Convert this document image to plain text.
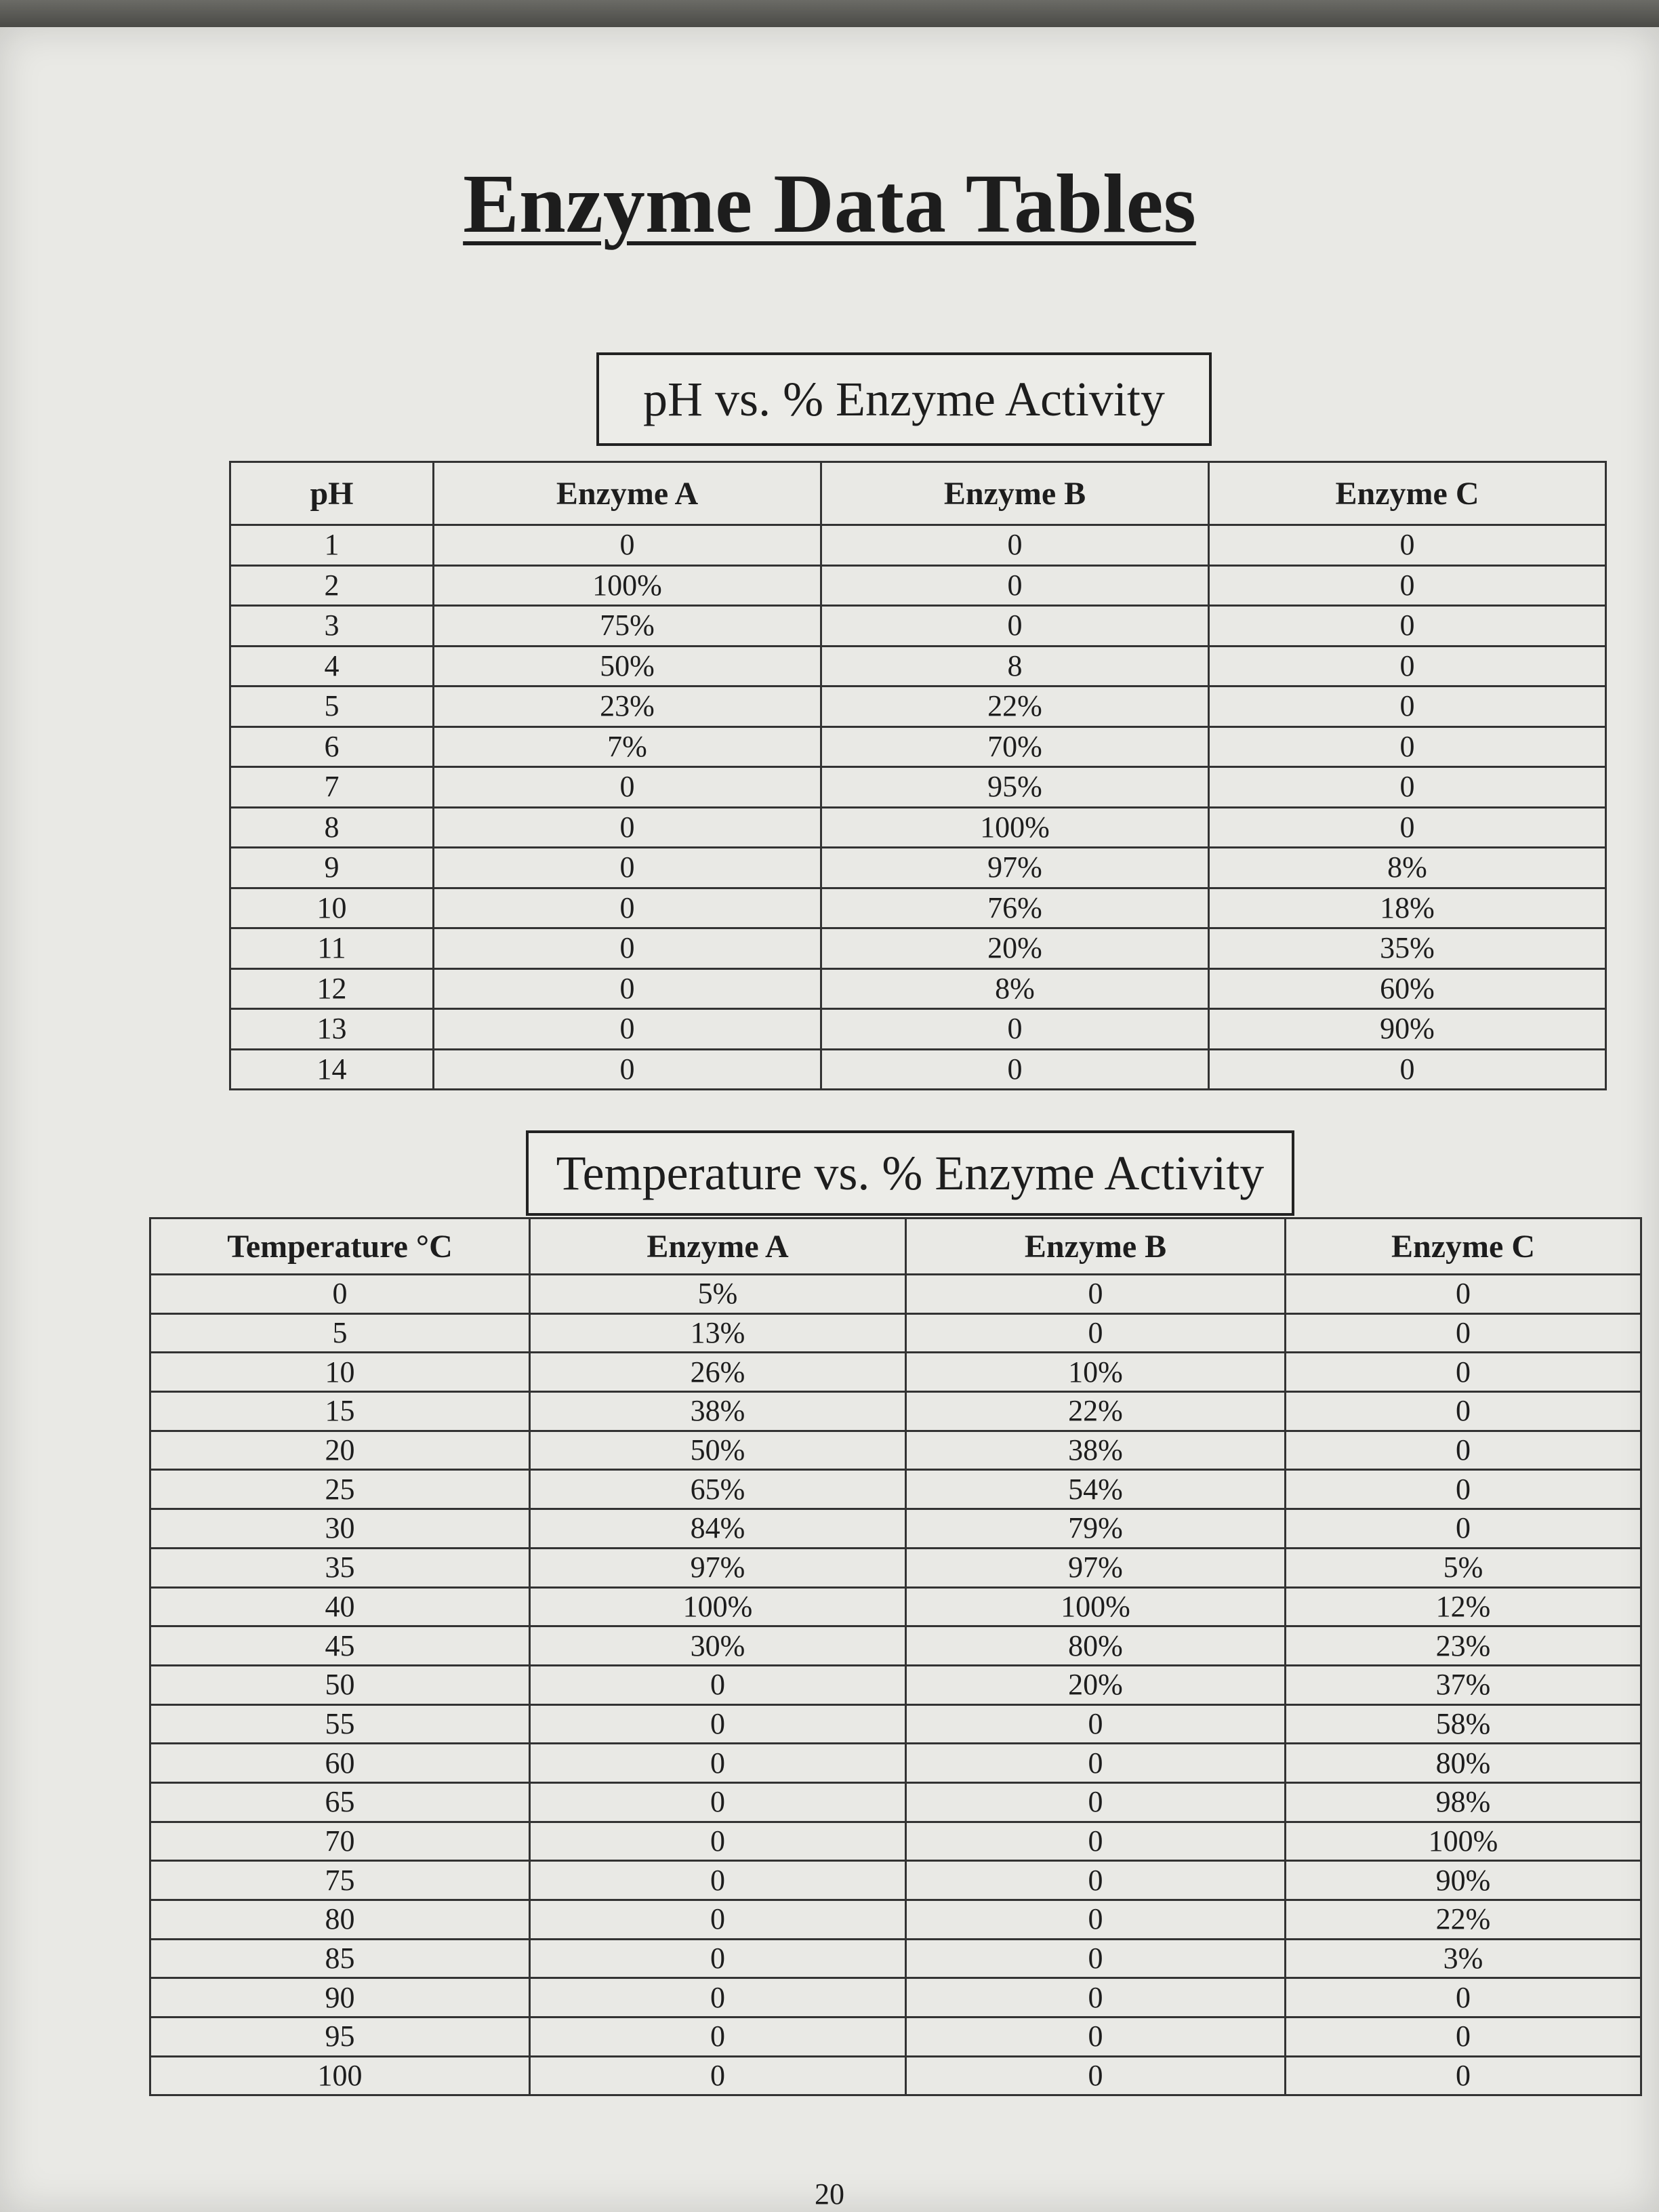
Enzyme Data Tables
pH vs. % Enzyme Activity
pH	Enzyme A	Enzyme B	Enzyme C
1	0	0	0
2	100%	0	0
3	75%	0	0
4	50%	8	0
5	23%	22%	0
6	7%	70%	0
7	0	95%	0
8	0	100%	0
9	0	97%	8%
10	0	76%	18%
11	0	20%	35%
12	0	8%	60%
13	0	0	90%
14	0	0	0
Temperature vs. % Enzyme Activity
Temperature °C	Enzyme A	Enzyme B	Enzyme C
0	5%	0	0
5	13%	0	0
10	26%	10%	0
15	38%	22%	0
20	50%	38%	0
25	65%	54%	0
30	84%	79%	0
35	97%	97%	5%
40	100%	100%	12%
45	30%	80%	23%
50	0	20%	37%
55	0	0	58%
60	0	0	80%
65	0	0	98%
70	0	0	100%
75	0	0	90%
80	0	0	22%
85	0	0	3%
90	0	0	0
95	0	0	0
100	0	0	0
20
